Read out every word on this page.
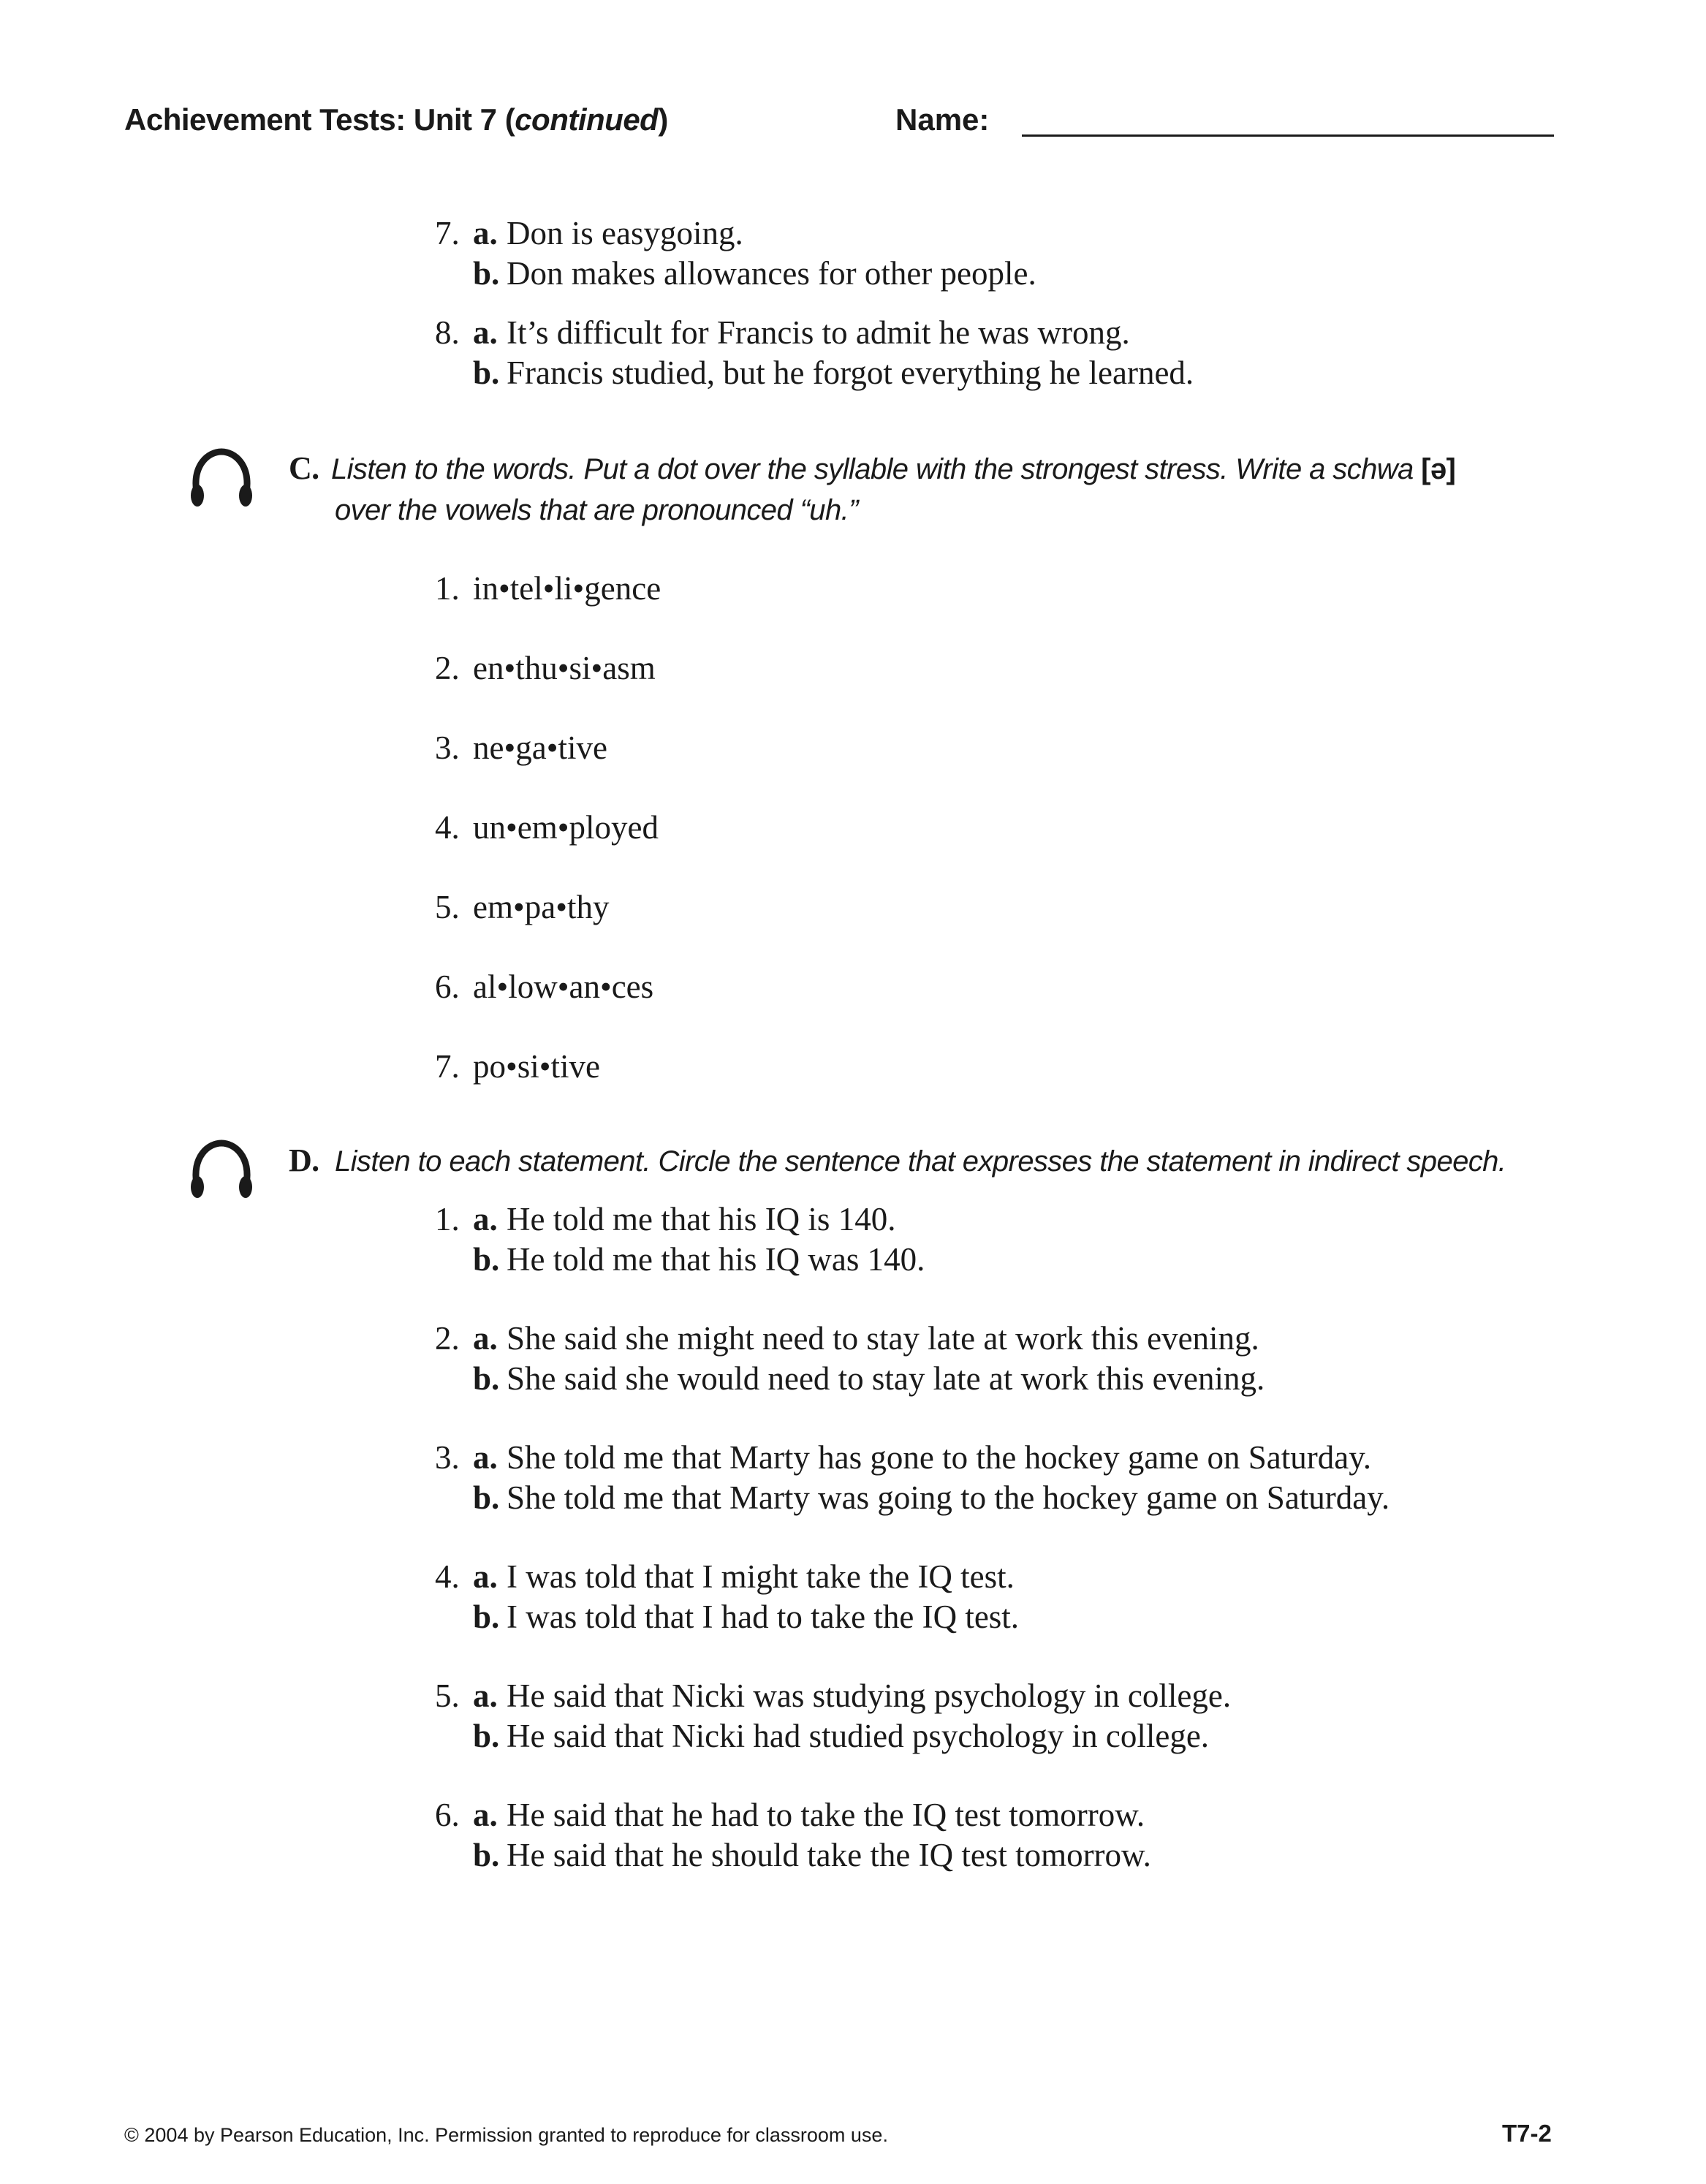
Achievement Tests: Unit 7 (continued)	Name:
7. a. Don is easygoing.
b. Don makes allowances for other people.
8. a. It’s difficult for Francis to admit he was wrong.
b. Francis studied, but he forgot everything he learned.
C. Listen to the words. Put a dot over the syllable with the strongest stress. Write a schwa [ə]
over the vowels that are pronounced “uh.”
1. in•tel•li•gence
2. en•thu•si•asm
3. ne•ga•tive
4. un•em•ployed
5. em•pa•thy
6. al•low•an•ces
7. po•si•tive
D. Listen to each statement. Circle the sentence that expresses the statement in indirect speech.
1. a. He told me that his IQ is 140.
b. He told me that his IQ was 140.
2. a. She said she might need to stay late at work this evening.
b. She said she would need to stay late at work this evening.
3. a. She told me that Marty has gone to the hockey game on Saturday.
b. She told me that Marty was going to the hockey game on Saturday.
4. a. I was told that I might take the IQ test.
b. I was told that I had to take the IQ test.
5. a. He said that Nicki was studying psychology in college.
b. He said that Nicki had studied psychology in college.
6. a. He said that he had to take the IQ test tomorrow.
b. He said that he should take the IQ test tomorrow.
© 2004 by Pearson Education, Inc. Permission granted to reproduce for classroom use.	T7-2
